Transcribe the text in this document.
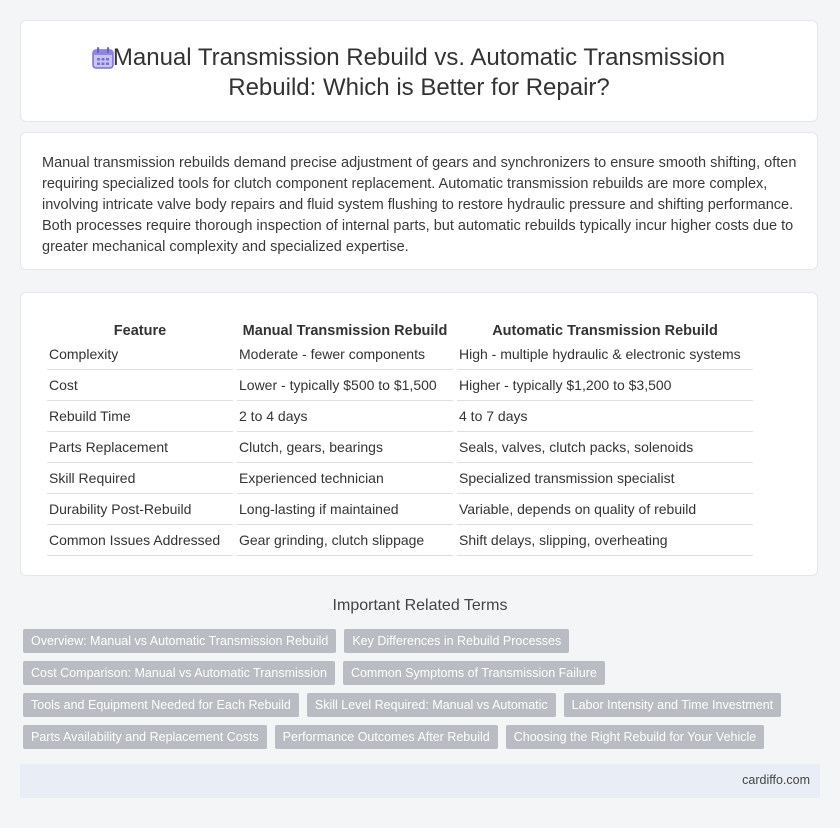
Manual Transmission Rebuild vs. Automatic Transmission Rebuild: Which is Better for Repair?

Manual transmission rebuilds demand precise adjustment of gears and synchronizers to ensure smooth shifting, often requiring specialized tools for clutch component replacement. Automatic transmission rebuilds are more complex, involving intricate valve body repairs and fluid system flushing to restore hydraulic pressure and shifting performance. Both processes require thorough inspection of internal parts, but automatic rebuilds typically incur higher costs due to greater mechanical complexity and specialized expertise.

Feature	Manual Transmission Rebuild	Automatic Transmission Rebuild
Complexity	Moderate - fewer components	High - multiple hydraulic & electronic systems
Cost	Lower - typically $500 to $1,500	Higher - typically $1,200 to $3,500
Rebuild Time	2 to 4 days	4 to 7 days
Parts Replacement	Clutch, gears, bearings	Seals, valves, clutch packs, solenoids
Skill Required	Experienced technician	Specialized transmission specialist
Durability Post-Rebuild	Long-lasting if maintained	Variable, depends on quality of rebuild
Common Issues Addressed	Gear grinding, clutch slippage	Shift delays, slipping, overheating
Important Related Terms
Overview: Manual vs Automatic Transmission Rebuild	Key Differences in Rebuild Processes
Cost Comparison: Manual vs Automatic Transmission	Common Symptoms of Transmission Failure
Tools and Equipment Needed for Each Rebuild	Skill Level Required: Manual vs Automatic	Labor Intensity and Time Investment
Parts Availability and Replacement Costs	Performance Outcomes After Rebuild	Choosing the Right Rebuild for Your Vehicle
cardiffo.com
